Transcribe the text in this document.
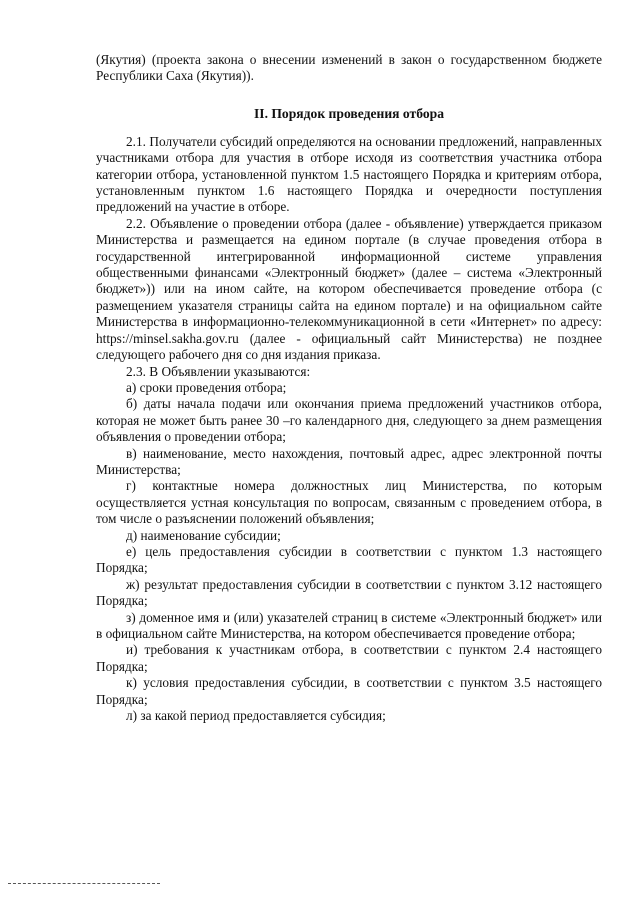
(Якутия) (проекта закона о внесении изменений в закон о государственном бюджете Республики Саха (Якутия)).

II. Порядок проведения отбора

2.1. Получатели субсидий определяются на основании предложений, направленных участниками отбора для участия в отборе исходя из соответствия участника отбора категории отбора, установленной пунктом 1.5 настоящего Порядка и критериям отбора, установленным пунктом 1.6 настоящего Порядка и очередности поступления предложений на участие в отборе.

2.2. Объявление о проведении отбора (далее - объявление) утверждается приказом Министерства и размещается на едином портале (в случае проведения отбора в государственной интегрированной информационной системе управления общественными финансами «Электронный бюджет» (далее – система «Электронный бюджет»)) или на ином сайте, на котором обеспечивается проведение отбора (с размещением указателя страницы сайта на едином портале) и на официальном сайте Министерства в информационно-телекоммуникационной в сети «Интернет» по адресу: https://minsel.sakha.gov.ru (далее - официальный сайт Министерства) не позднее следующего рабочего дня со дня издания приказа.

2.3. В Объявлении указываются:

а) сроки проведения отбора;

б) даты начала подачи или окончания приема предложений участников отбора, которая не может быть ранее 30 –го календарного дня, следующего за днем размещения объявления о проведении отбора;

в) наименование, место нахождения, почтовый адрес, адрес электронной почты Министерства;

г) контактные номера должностных лиц Министерства, по которым осуществляется устная консультация по вопросам, связанным с проведением отбора, в том числе о разъяснении положений объявления;

д) наименование субсидии;

е) цель предоставления субсидии в соответствии с пунктом 1.3 настоящего Порядка;

ж) результат предоставления субсидии в соответствии с пунктом 3.12 настоящего Порядка;

з) доменное имя и (или) указателей страниц в системе «Электронный бюджет» или в официальном сайте Министерства, на котором обеспечивается проведение отбора;

и) требования к участникам отбора, в соответствии с пунктом 2.4 настоящего Порядка;

к) условия предоставления субсидии, в соответствии с пунктом 3.5 настоящего Порядка;

л) за какой период предоставляется субсидия;
